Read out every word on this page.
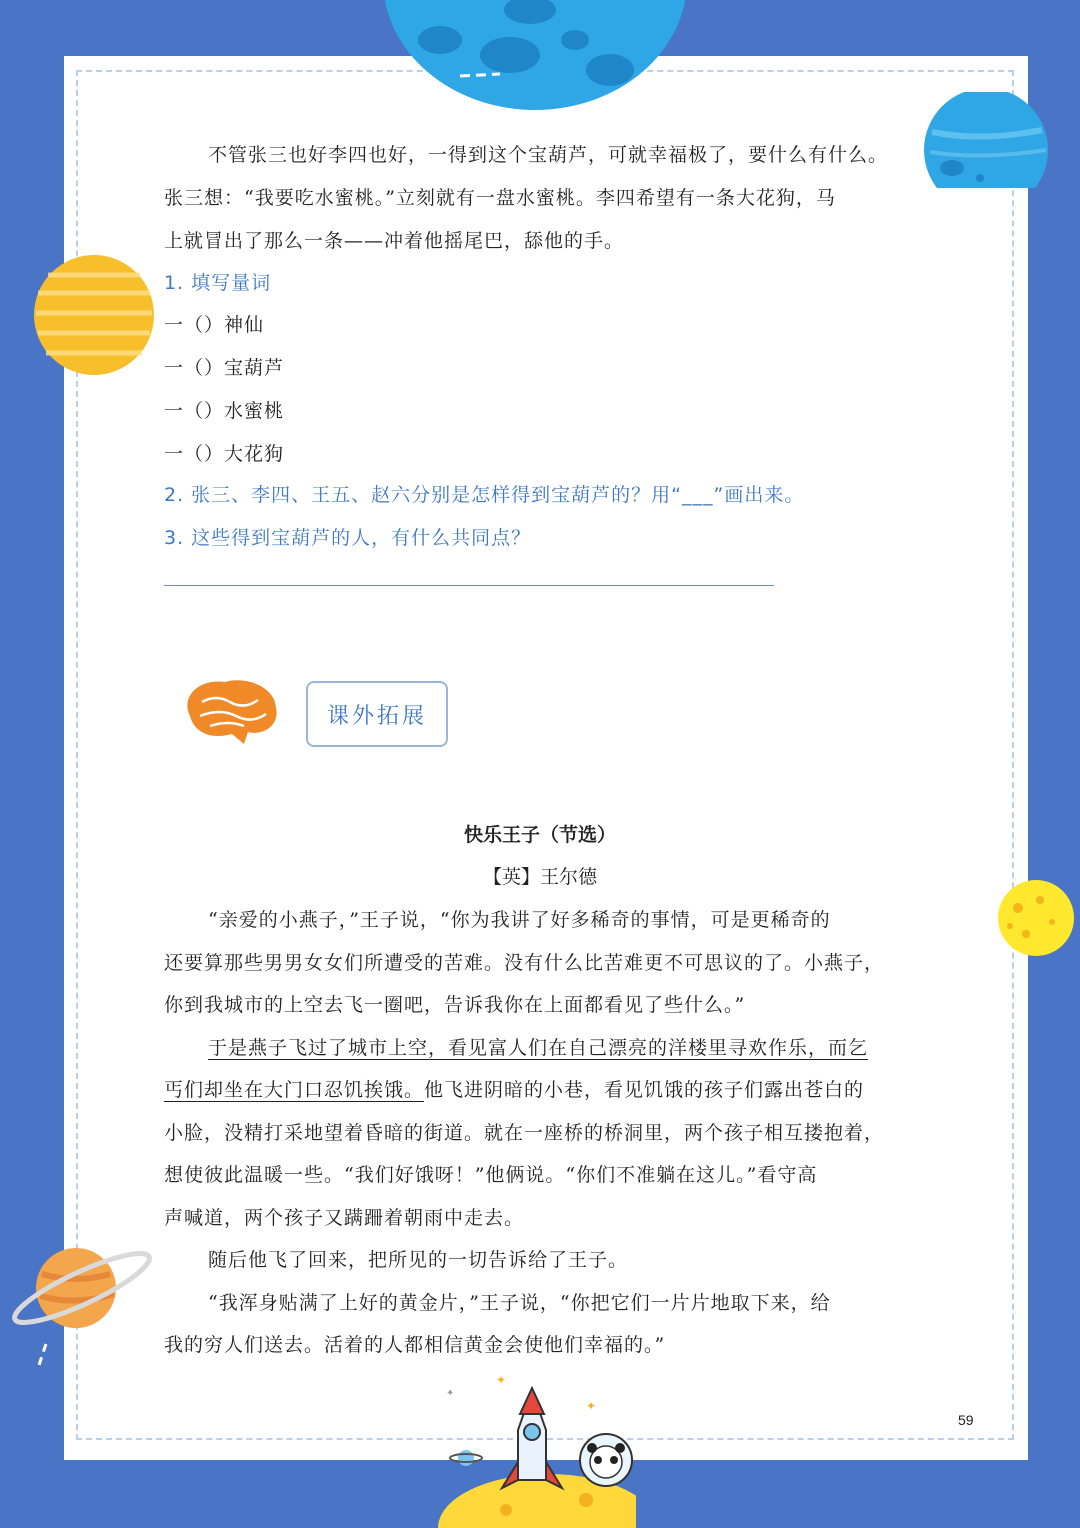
✦
✦
✦
不管张三也好李四也好，一得到这个宝葫芦，可就幸福极了，要什么有什么。
张三想：“我要吃水蜜桃。”立刻就有一盘水蜜桃。李四希望有一条大花狗，马
上就冒出了那么一条——冲着他摇尾巴，舔他的手。
1. 填写量词
一（）神仙
一（）宝葫芦
一（）水蜜桃
一（）大花狗
2. 张三、李四、王五、赵六分别是怎样得到宝葫芦的？用“___”画出来。
3. 这些得到宝葫芦的人，有什么共同点？
课外拓展
快乐王子（节选）
【英】王尔德
“亲爱的小燕子，”王子说，“你为我讲了好多稀奇的事情，可是更稀奇的
还要算那些男男女女们所遭受的苦难。没有什么比苦难更不可思议的了。小燕子，
你到我城市的上空去飞一圈吧，告诉我你在上面都看见了些什么。”
于是燕子飞过了城市上空，看见富人们在自己漂亮的洋楼里寻欢作乐，而乞
丐们却坐在大门口忍饥挨饿。他飞进阴暗的小巷，看见饥饿的孩子们露出苍白的
小脸，没精打采地望着昏暗的街道。就在一座桥的桥洞里，两个孩子相互搂抱着，
想使彼此温暖一些。“我们好饿呀！”他俩说。“你们不准躺在这儿。”看守高
声喊道，两个孩子又蹒跚着朝雨中走去。
随后他飞了回来，把所见的一切告诉给了王子。
“我浑身贴满了上好的黄金片，”王子说，“你把它们一片片地取下来，给
我的穷人们送去。活着的人都相信黄金会使他们幸福的。”
59
